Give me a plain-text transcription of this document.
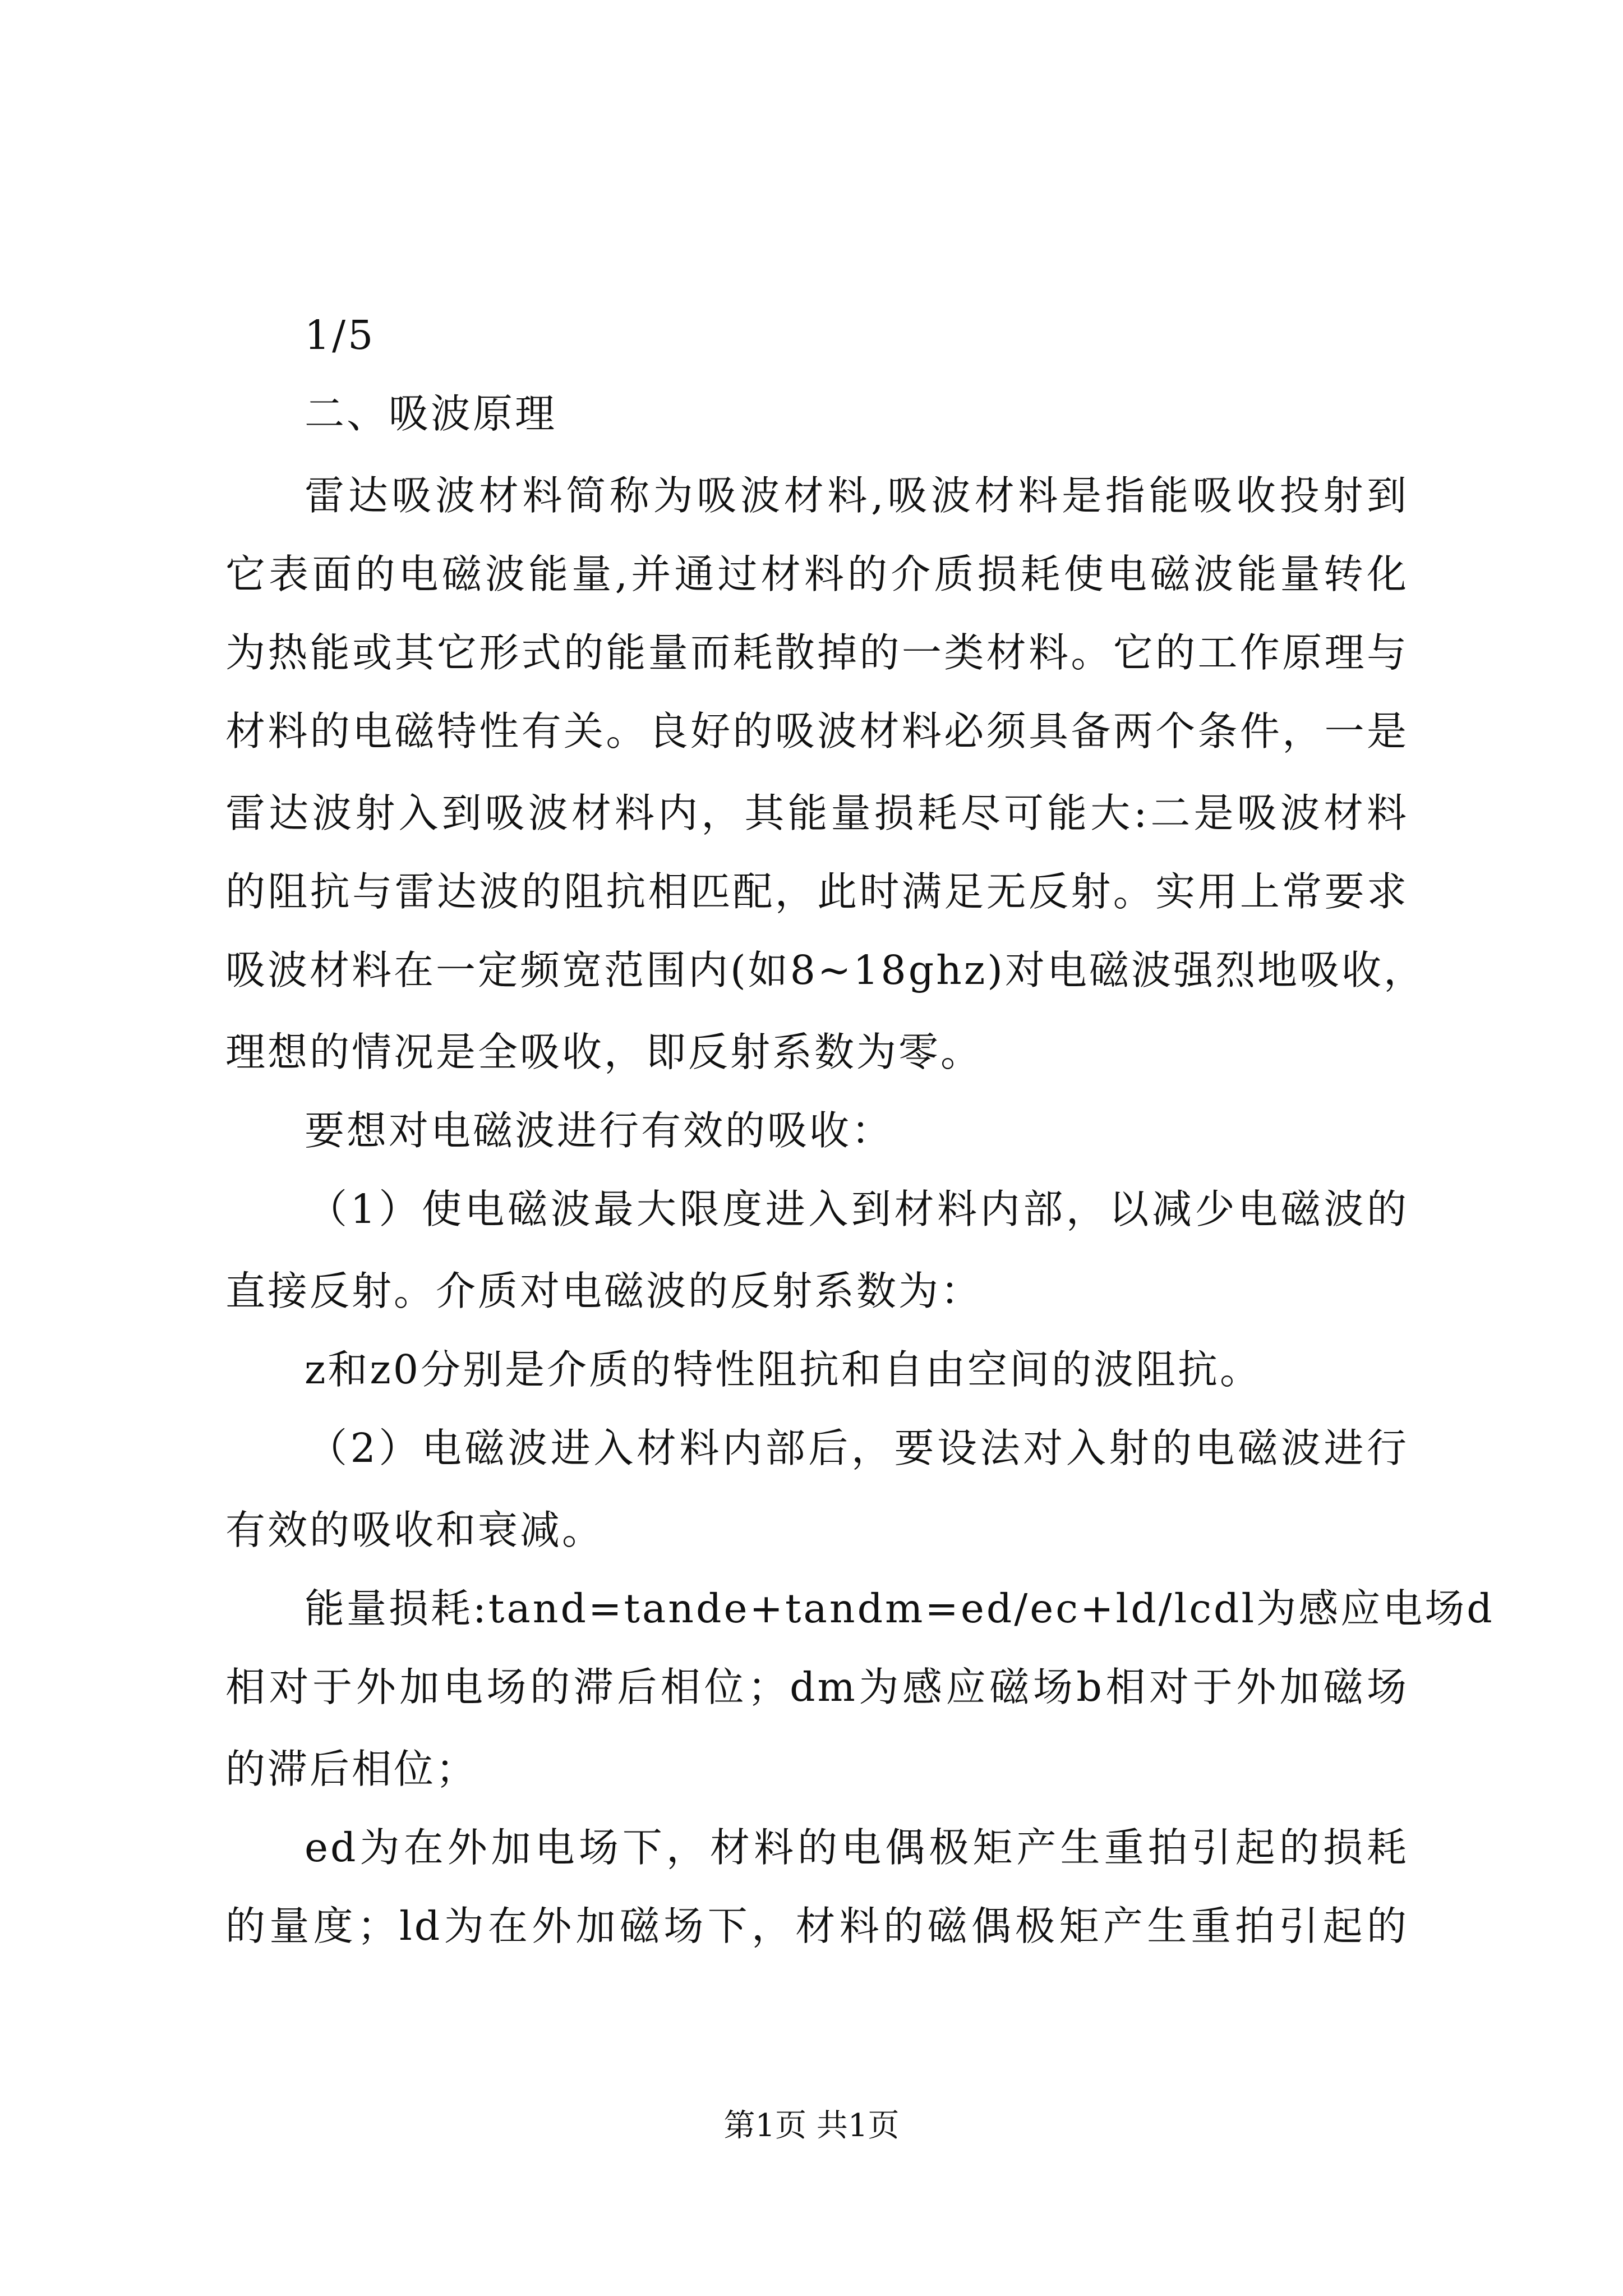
1/5
二、吸波原理
雷达吸波材料简称为吸波材料,吸波材料是指能吸收投射到
它表面的电磁波能量,并通过材料的介质损耗使电磁波能量转化
为热能或其它形式的能量而耗散掉的一类材料。它的工作原理与
材料的电磁特性有关。良好的吸波材料必须具备两个条件，一是
雷达波射入到吸波材料内，其能量损耗尽可能大:二是吸波材料
的阻抗与雷达波的阻抗相匹配，此时满足无反射。实用上常要求
吸波材料在一定频宽范围内(如8~18ghz)对电磁波强烈地吸收，
理想的情况是全吸收，即反射系数为零。
要想对电磁波进行有效的吸收：
（1）使电磁波最大限度进入到材料内部，以减少电磁波的
直接反射。介质对电磁波的反射系数为：
z和z0分别是介质的特性阻抗和自由空间的波阻抗。
（2）电磁波进入材料内部后，要设法对入射的电磁波进行
有效的吸收和衰减。
能量损耗:tand=tande+tandm=ed/ec+ld/lcdl为感应电场d
相对于外加电场的滞后相位；dm为感应磁场b相对于外加磁场
的滞后相位；
ed为在外加电场下，材料的电偶极矩产生重拍引起的损耗
的量度；ld为在外加磁场下，材料的磁偶极矩产生重拍引起的
第1页 共1页
